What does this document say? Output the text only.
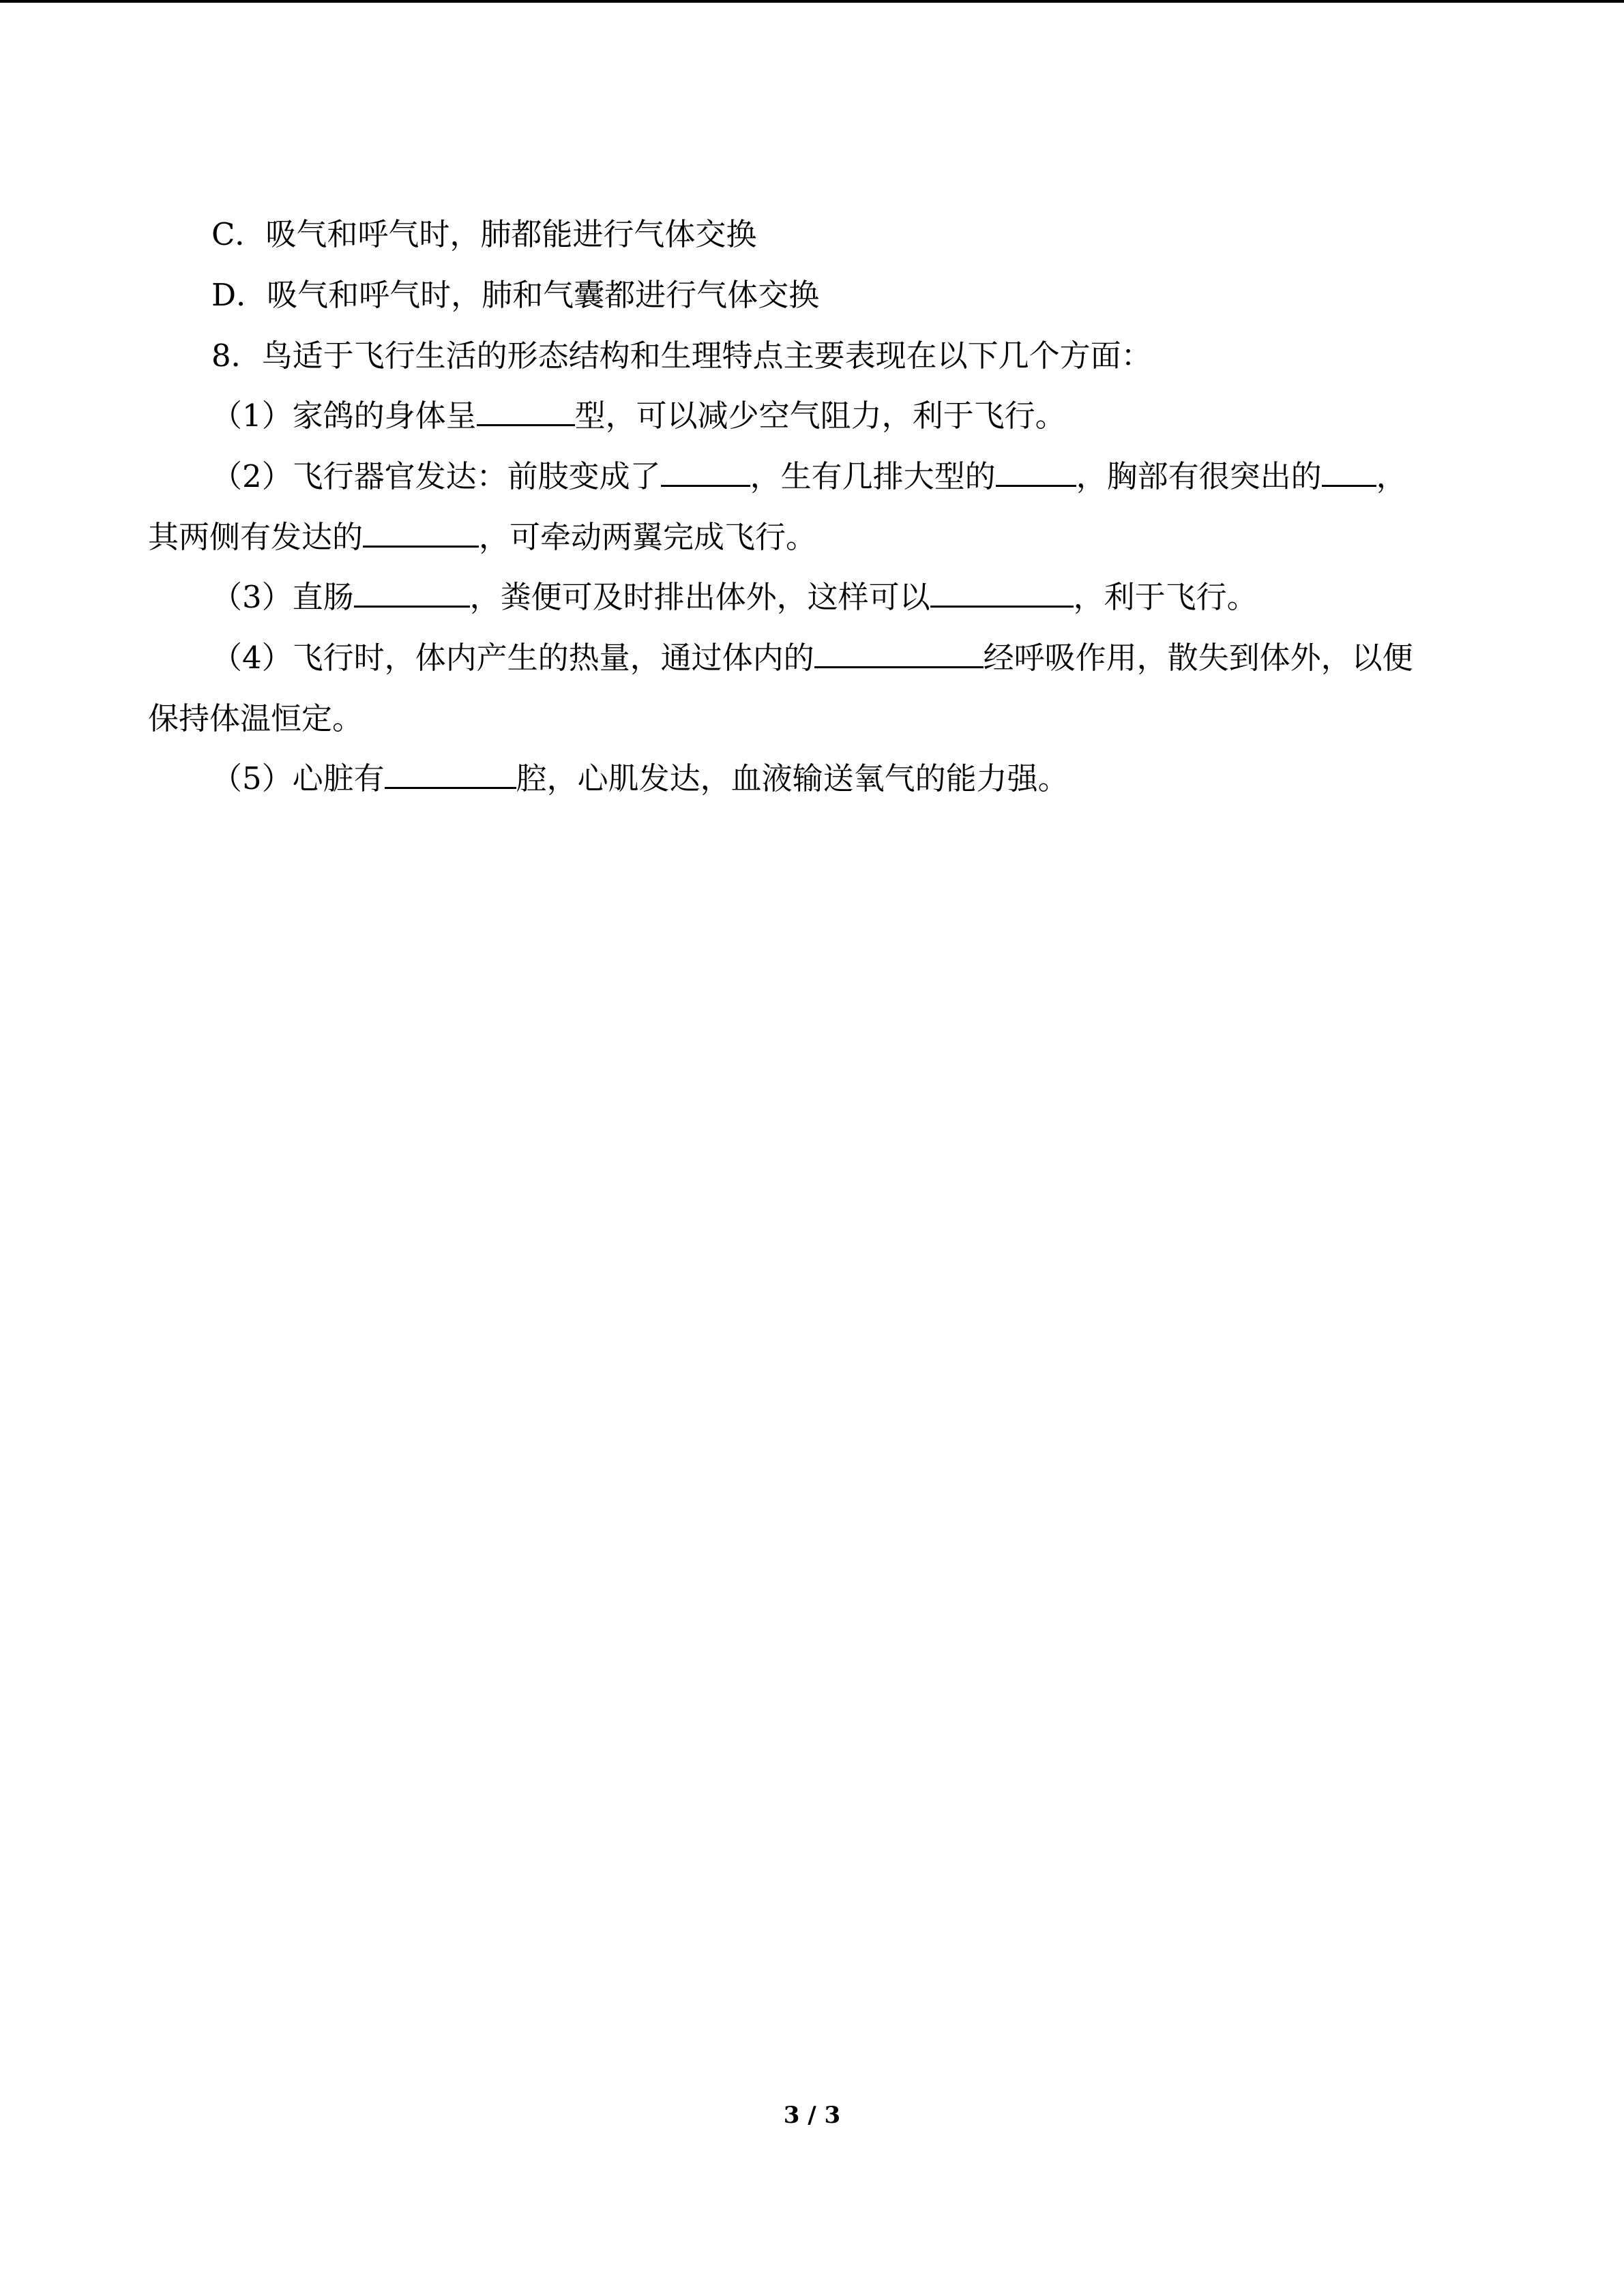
C．吸气和呼气时，肺都能进行气体交换
D．吸气和呼气时，肺和气囊都进行气体交换
8．鸟适于飞行生活的形态结构和生理特点主要表现在以下几个方面：
（1）家鸽的身体呈	型，可以减少空气阻力，利于飞行。
（2）飞行器官发达：前肢变成了	，生有几排大型的	，胸部有很突出的 ，
其两侧有发达的	，可牵动两翼完成飞行。
（3）直肠	，粪便可及时排出体外，这样可以	，利于飞行。
（4）飞行时，体内产生的热量，通过体内的	经呼吸作用，散失到体外，以便
保持体温恒定。
（5）心脏有	腔，心肌发达，血液输送氧气的能力强。
3 / 3
